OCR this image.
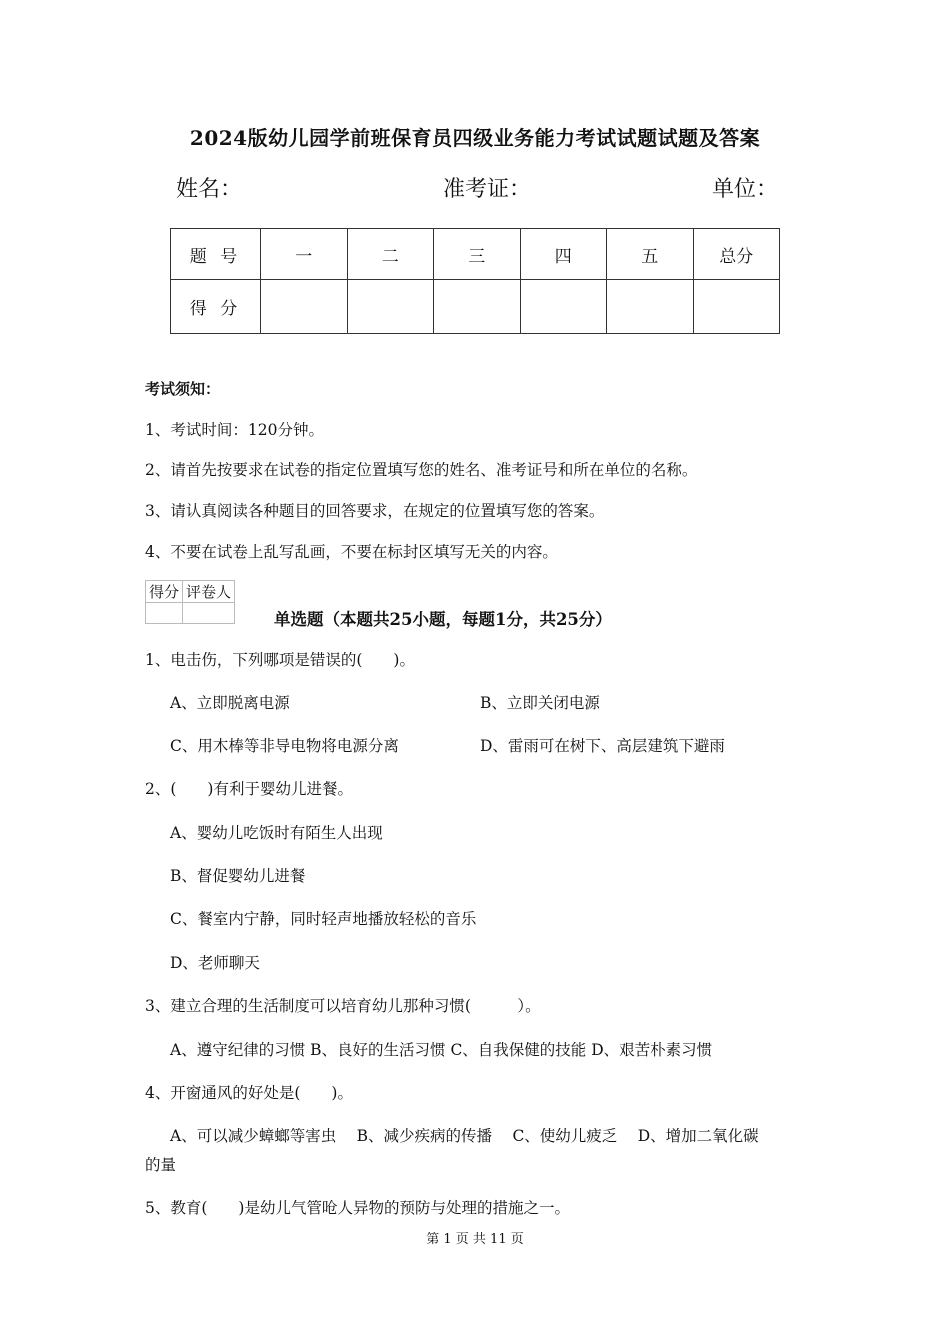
2024版幼儿园学前班保育员四级业务能力考试试题试题及答案
姓名：	准考证：	单位：
题 号	一	二	三	四	五	总分
得 分						
考试须知：
1、考试时间：120分钟。
2、请首先按要求在试卷的指定位置填写您的姓名、准考证号和所在单位的名称。
3、请认真阅读各种题目的回答要求，在规定的位置填写您的答案。
4、不要在试卷上乱写乱画，不要在标封区填写无关的内容。
得分	评卷人

单选题（本题共25小题，每题1分，共25分）
1、电击伤，下列哪项是错误的(　　)。
A、立即脱离电源	B、立即关闭电源
C、用木棒等非导电物将电源分离	D、雷雨可在树下、高层建筑下避雨
2、(　　)有利于婴幼儿进餐。
A、婴幼儿吃饭时有陌生人出现
B、督促婴幼儿进餐
C、餐室内宁静，同时轻声地播放轻松的音乐
D、老师聊天
3、建立合理的生活制度可以培育幼儿那种习惯(　　　）。
A、遵守纪律的习惯 B、良好的生活习惯 C、自我保健的技能 D、艰苦朴素习惯
4、开窗通风的好处是(　　)。
A、可以减少蟑螂等害虫　 B、减少疾病的传播　 C、使幼儿疲乏　 D、增加二氧化碳
的量
5、教育(　　)是幼儿气管呛人异物的预防与处理的措施之一。
第 1 页 共 11 页
